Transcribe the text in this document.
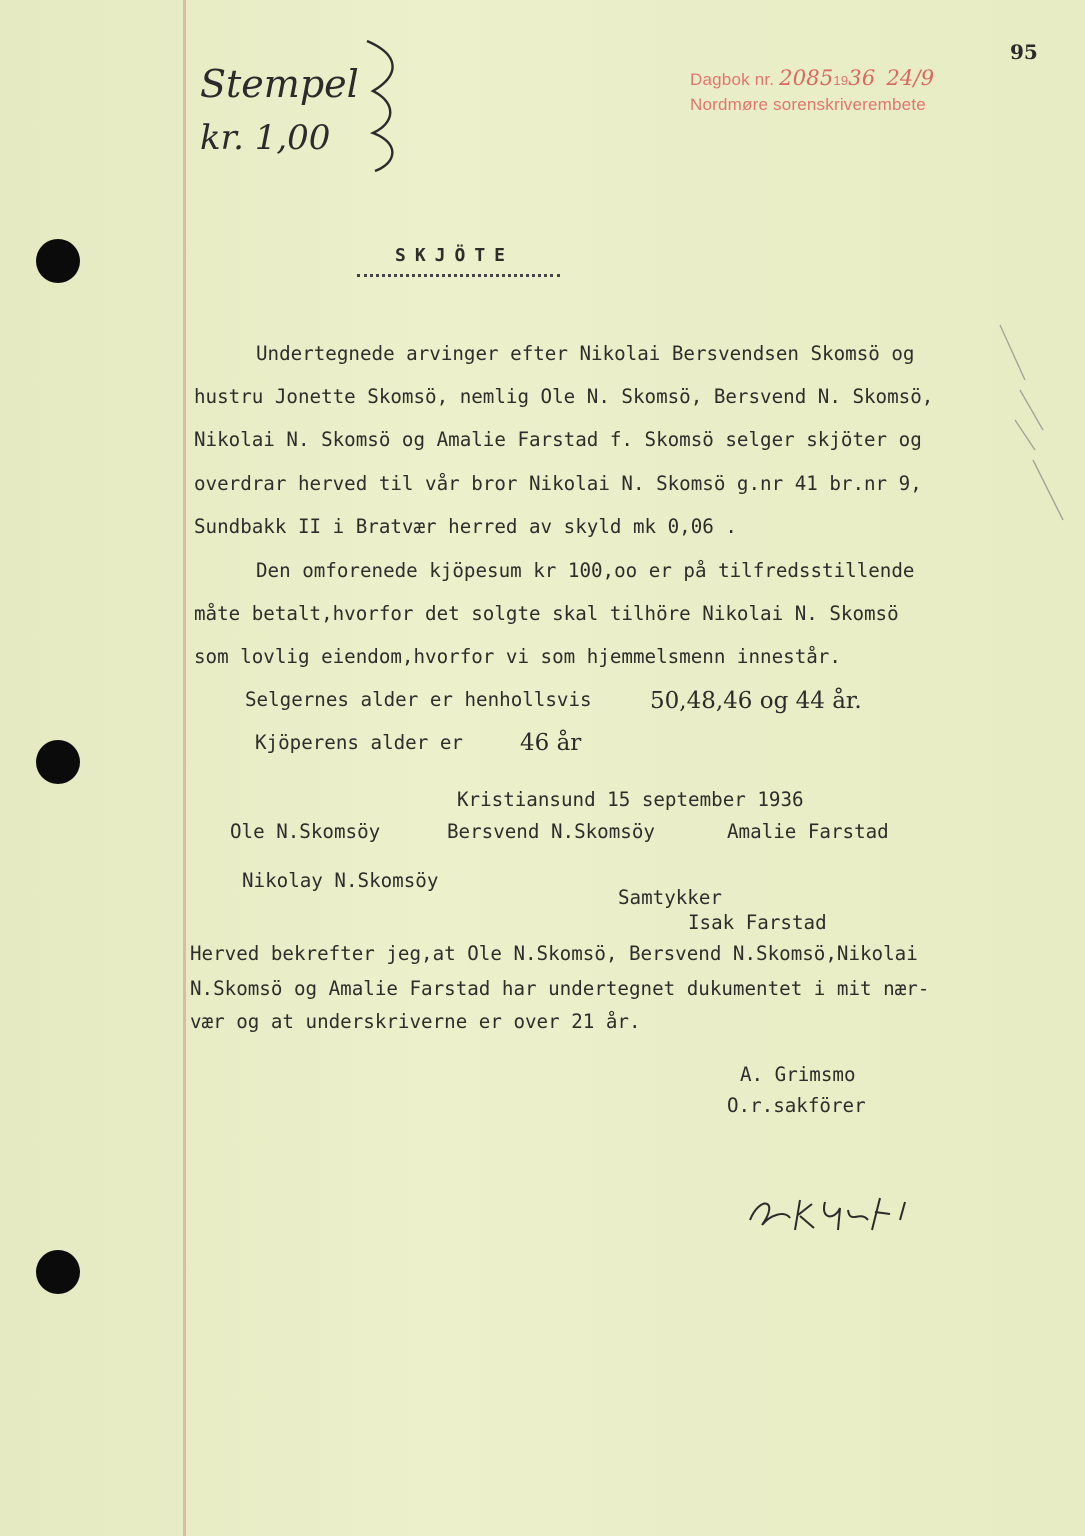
Stempel
kr. 1,00
Dagbok nr. 20851936 24/9
Nordmøre sorenskriverembete
95
SKJÖTE
Undertegnede arvinger efter Nikolai Bersvendsen Skomsö og
hustru Jonette Skomsö, nemlig Ole N. Skomsö, Bersvend N. Skomsö,
Nikolai N. Skomsö og Amalie Farstad f. Skomsö selger skjöter og
overdrar herved til vår bror Nikolai N. Skomsö g.nr 41 br.nr 9,
Sundbakk II i Bratvær herred av skyld mk 0,06 .
Den omforenede kjöpesum kr 100,oo er på tilfredsstillende
måte betalt,hvorfor det solgte skal tilhöre Nikolai N. Skomsö
som lovlig eiendom,hvorfor vi som hjemmelsmenn innestår.
Selgernes alder er henhollsvis	50,48,46 og 44 år.
Kjöperens alder er 46 år
Kristiansund 15 september 1936
Ole N.Skomsöy	Bersvend N.Skomsöy	Amalie Farstad
Nikolay N.Skomsöy
Samtykker
Isak Farstad
Herved bekrefter jeg,at Ole N.Skomsö, Bersvend N.Skomsö,Nikolai
N.Skomsö og Amalie Farstad har undertegnet dukumentet i mit nær-
vær og at underskriverne er over 21 år.
A. Grimsmo
O.r.sakförer
